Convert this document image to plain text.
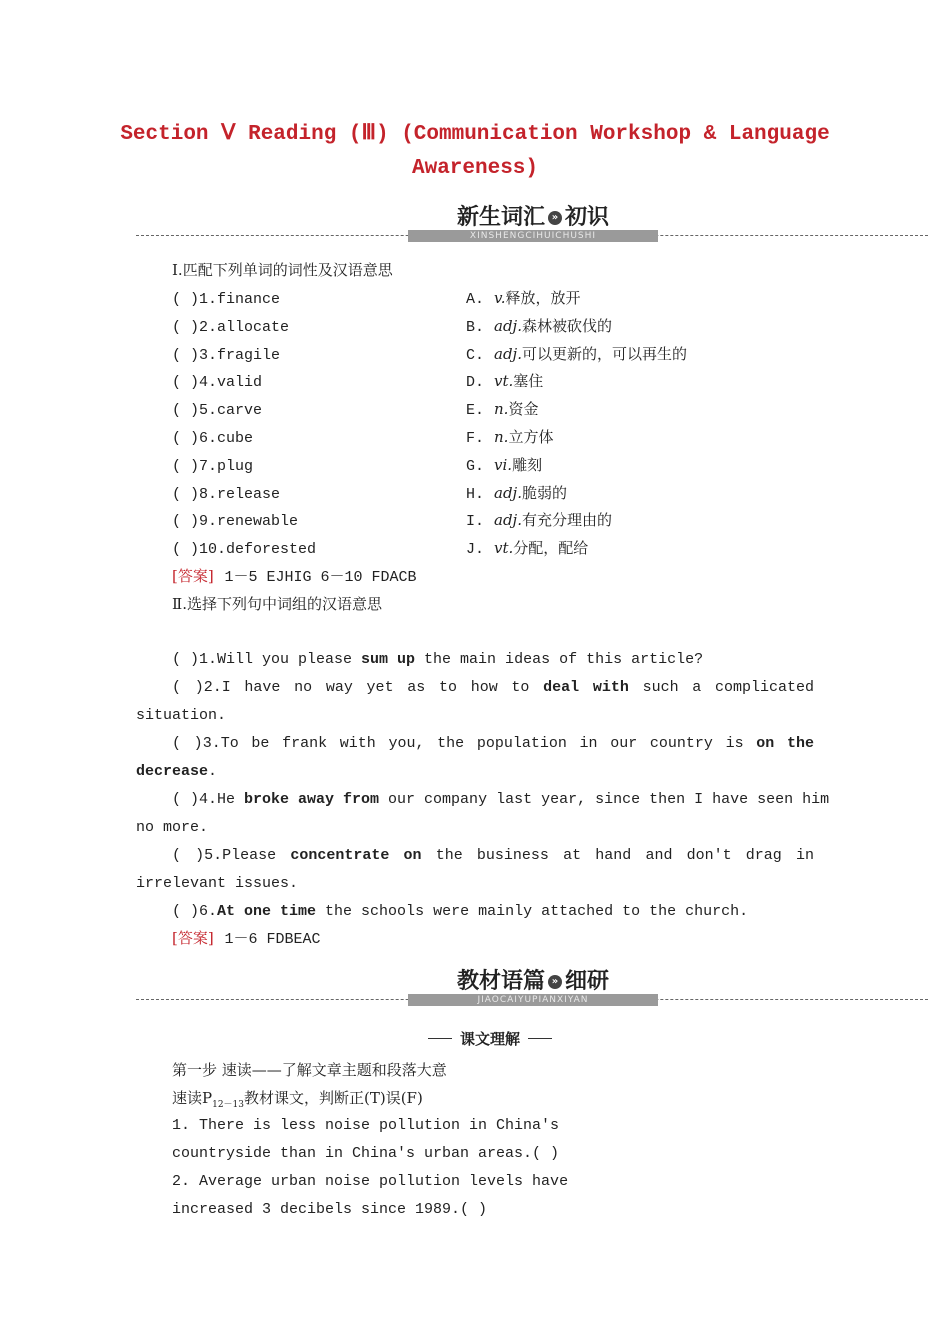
Section Ⅴ Reading (Ⅲ) (Communication Workshop & Language
Awareness)
新生词汇 » 初识
XINSHENGCIHUICHUSHI
Ⅰ.匹配下列单词的词性及汉语意思
( )1.finance	A. v.释放，放开
( )2.allocate	B. adj.森林被砍伐的
( )3.fragile	C. adj.可以更新的，可以再生的
( )4.valid	D. vt.塞住
( )5.carve	E. n.资金
( )6.cube	F. n.立方体
( )7.plug	G. vi.雕刻
( )8.release	H. adj.脆弱的
( )9.renewable	I. adj.有充分理由的
( )10.deforested	J. vt.分配，配给
[答案] 1－5 EJHIG 6－10 FDACB
Ⅱ.选择下列句中词组的汉语意思
( )1.Will you please sum up the main ideas of this article?
( )2.I have no way yet as to how to deal with such a complicated
situation.
( )3.To be frank with you, the population in our country is on the
decrease.
( )4.He broke away from our company last year, since then I have seen him
no more.
( )5.Please concentrate on the business at hand and don't drag in
irrelevant issues.
( )6.At one time the schools were mainly attached to the church.
[答案] 1－6 FDBEAC
教材语篇 » 细研
JIAOCAIYUPIANXIYAN
课文理解
第一步 速读——了解文章主题和段落大意
速读$P_{12-13}$教材课文，判断正(T)误(F)
1. There is less noise pollution in China's
countryside than in China's urban areas.( )
2. Average urban noise pollution levels have
increased 3 decibels since 1989.( )
